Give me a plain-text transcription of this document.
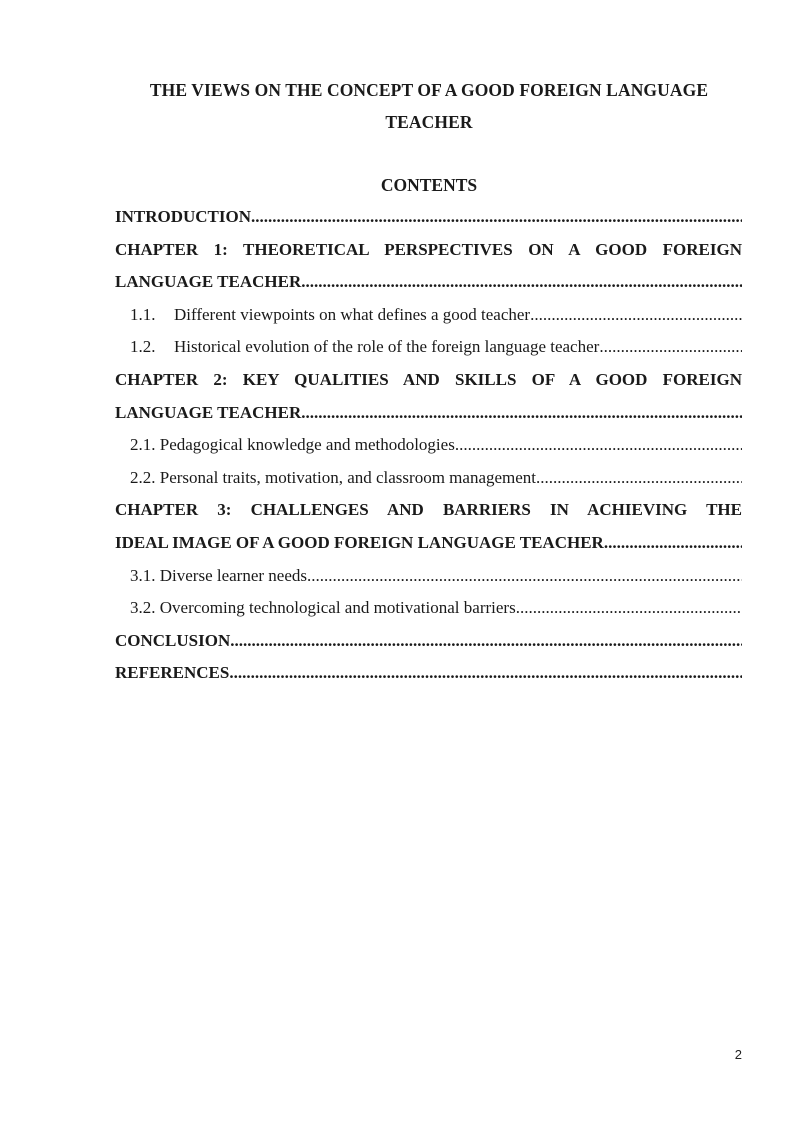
THE VIEWS ON THE CONCEPT OF A GOOD FOREIGN LANGUAGE
TEACHER
CONTENTS
INTRODUCTION
.....
CHAPTER 1: THEORETICAL PERSPECTIVES ON A GOOD FOREIGN
LANGUAGE TEACHER
.....
1.1. Different viewpoints on what defines a good teacher
.....
1.2. Historical evolution of the role of the foreign language teacher
.....
CHAPTER 2: KEY QUALITIES AND SKILLS OF A GOOD FOREIGN
LANGUAGE TEACHER
.....
2.1. Pedagogical knowledge and methodologies
.....
2.2. Personal traits, motivation, and classroom management
.....
CHAPTER 3: CHALLENGES AND BARRIERS IN ACHIEVING THE
IDEAL IMAGE OF A GOOD FOREIGN LANGUAGE TEACHER
.....
3.1. Diverse learner needs
.....
3.2. Overcoming technological and motivational barriers
.....
CONCLUSION
.....
REFERENCES
.....
2
